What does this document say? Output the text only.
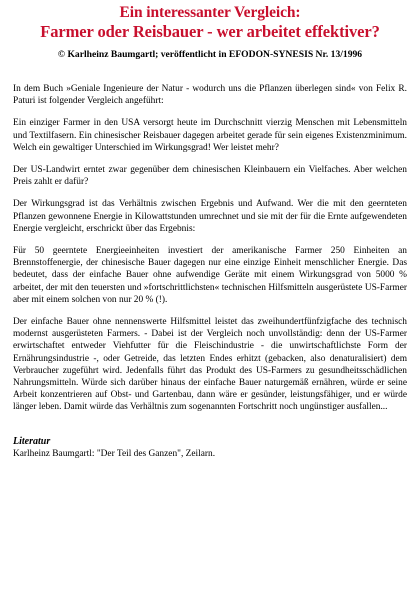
Ein interessanter Vergleich:
Farmer oder Reisbauer - wer arbeitet effektiver?
© Karlheinz Baumgartl; veröffentlicht in EFODON-SYNESIS Nr. 13/1996

In dem Buch »Geniale Ingenieure der Natur - wodurch uns die Pflanzen überlegen sind« von Felix R. Paturi ist folgender Vergleich angeführt:

Ein einziger Farmer in den USA versorgt heute im Durchschnitt vierzig Menschen mit Lebensmitteln und Textilfasern. Ein chinesischer Reisbauer dagegen arbeitet gerade für sein eigenes Existenzminimum. Welch ein gewaltiger Unterschied im Wirkungsgrad! Wer leistet mehr?

Der US-Landwirt erntet zwar gegenüber dem chinesischen Kleinbauern ein Vielfaches. Aber welchen Preis zahlt er dafür?

Der Wirkungsgrad ist das Verhältnis zwischen Ergebnis und Aufwand. Wer die mit den geernteten Pflanzen gewonnene Energie in Kilowattstunden umrechnet und sie mit der für die Ernte aufgewendeten Energie vergleicht, erschrickt über das Ergebnis:

Für 50 geerntete Energieeinheiten investiert der amerikanische Farmer 250 Einheiten an Brennstoffenergie, der chinesische Bauer dagegen nur eine einzige Einheit menschlicher Energie. Das bedeutet, dass der einfache Bauer ohne aufwendige Geräte mit einem Wirkungsgrad von 5000 % arbeitet, der mit den teuersten und »fortschrittlichsten« technischen Hilfsmitteln ausgerüstete US-Farmer aber mit einem solchen von nur 20 % (!).

Der einfache Bauer ohne nennenswerte Hilfsmittel leistet das zweihundertfünfzigfache des technisch modernst ausgerüsteten Farmers. - Dabei ist der Vergleich noch unvollständig: denn der US-Farmer erwirtschaftet entweder Viehfutter für die Fleischindustrie - die unwirtschaftlichste Form der Ernährungsindustrie -, oder Getreide, das letzten Endes erhitzt (gebacken, also denaturalisiert) dem Verbraucher zugeführt wird. Jedenfalls führt das Produkt des US-Farmers zu gesundheitsschädlichen Nahrungsmitteln. Würde sich darüber hinaus der einfache Bauer naturgemäß ernähren, würde er seine Arbeit konzentrieren auf Obst- und Gartenbau, dann wäre er gesünder, leistungsfähiger, und er würde länger leben. Damit würde das Verhältnis zum sogenannten Fortschritt noch ungünstiger ausfallen...

Literatur
Karlheinz Baumgartl: "Der Teil des Ganzen", Zeilarn.
